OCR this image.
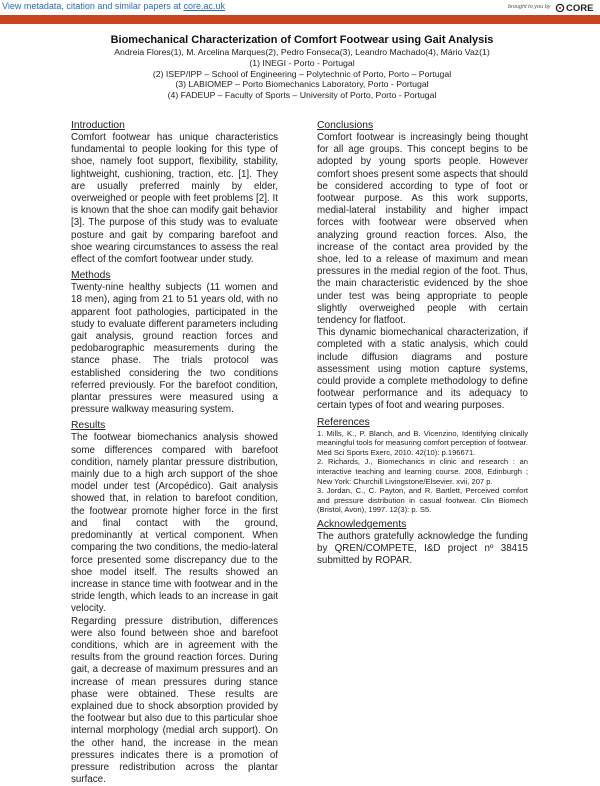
View metadata, citation and similar papers at core.ac.uk	brought to you by CORE
provided by Repositório Científico do Instituto Politécnico do Porto
Biomechanical Characterization of Comfort Footwear using Gait Analysis
Andreia Flores(1), M. Arcelina Marques(2), Pedro Fonseca(3), Leandro Machado(4), Mário Vaz(1)
(1) INEGI - Porto - Portugal
(2) ISEP/IPP – School of Engineering – Polytechnic of Porto, Porto – Portugal
(3) LABIOMEP – Porto Biomechanics Laboratory, Porto - Portugal
(4) FADEUP – Faculty of Sports – University of Porto, Porto - Portugal
Introduction
Comfort footwear has unique characteristics fundamental to people looking for this type of shoe, namely foot support, flexibility, stability, lightweight, cushioning, traction, etc. [1]. They are usually preferred mainly by elder, overweighed or people with feet problems [2]. It is known that the shoe can modify gait behavior [3]. The purpose of this study was to evaluate posture and gait by comparing barefoot and shoe wearing circumstances to assess the real effect of the comfort footwear under study.
Methods
Twenty-nine healthy subjects (11 women and 18 men), aging from 21 to 51 years old, with no apparent foot pathologies, participated in the study to evaluate different parameters including gait analysis, ground reaction forces and pedobarographic measurements during the stance phase. The trials protocol was established considering the two conditions referred previously. For the barefoot condition, plantar pressures were measured using a pressure walkway measuring system.
Results
The footwear biomechanics analysis showed some differences compared with barefoot condition, namely plantar pressure distribution, mainly due to a high arch support of the shoe model under test (Arcopédico). Gait analysis showed that, in relation to barefoot condition, the footwear promote higher force in the first and final contact with the ground, predominantly at vertical component. When comparing the two conditions, the medio-lateral force presented some discrepancy due to the shoe model itself. The results showed an increase in stance time with footwear and in the stride length, which leads to an increase in gait velocity.
Regarding pressure distribution, differences were also found between shoe and barefoot conditions, which are in agreement with the results from the ground reaction forces. During gait, a decrease of maximum pressures and an increase of mean pressures during stance phase were obtained. These results are explained due to shock absorption provided by the footwear but also due to this particular shoe internal morphology (medial arch support). On the other hand, the increase in the mean pressures indicates there is a promotion of pressure redistribution across the plantar surface.
Conclusions
Comfort footwear is increasingly being thought for all age groups. This concept begins to be adopted by young sports people. However comfort shoes present some aspects that should be considered according to type of foot or footwear purpose. As this work supports, medial-lateral instability and higher impact forces with footwear were observed when analyzing ground reaction forces. Also, the increase of the contact area provided by the shoe, led to a release of maximum and mean pressures in the medial region of the foot. Thus, the main characteristic evidenced by the shoe under test was being appropriate to people slightly overweighed people with certain tendency for flatfoot.
This dynamic biomechanical characterization, if completed with a static analysis, which could include diffusion diagrams and posture assessment using motion capture systems, could provide a complete methodology to define footwear performance and its adequacy to certain types of foot and wearing purposes.
References
1. Mills, K., P. Blanch, and B. Vicenzino, Identifying clinically meaningful tools for measuring comfort perception of footwear. Med Sci Sports Exerc, 2010. 42(10): p.196671.
2. Richards, J., Biomechanics in clinic and research : an interactive teaching and learning course. 2008, Edinburgh ; New York: Churchill Livingstone/Elsevier. xvii, 207 p.
3. Jordan, C., C. Payton, and R. Bartlett, Perceived comfort and pressure distribution in casual footwear. Clin Biomech (Bristol, Avon), 1997. 12(3): p. S5.
Acknowledgements
The authors gratefully acknowledge the funding by QREN/COMPETE, I&D project nº 38415 submitted by ROPAR.
